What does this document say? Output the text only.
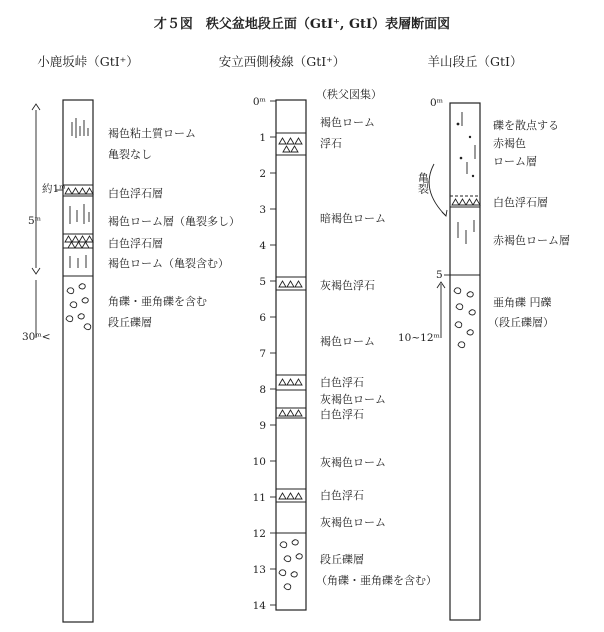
才５図　秩父盆地段丘面（GtI⁺, GtI）表層断面図
小鹿坂峠（GtI⁺）	安立西側稜線（GtI⁺）	羊山段丘（GtI）
約1ᵐ
5ᵐ
30ᵐ<
褐色粘土質ローム
亀裂なし
白色浮石層
褐色ローム層（亀裂多し）
白色浮石層
褐色ローム（亀裂含む）
角礫・亜角礫を含む
段丘礫層
0ᵐ
1
2
3
4
5
6
7
8
9
10
11
12
13
14
（秩父図集）
褐色ローム
浮石
暗褐色ローム
灰褐色浮石
褐色ローム
白色浮石
灰褐色ローム
白色浮石
灰褐色ローム
白色浮石
灰褐色ローム
段丘礫層
（角礫・亜角礫を含む）
亀裂
0ᵐ
5
10~12ᵐ
礫を散点する
赤褐色
ローム層
白色浮石層
赤褐色ローム層
亜角礫 円礫
（段丘礫層）
